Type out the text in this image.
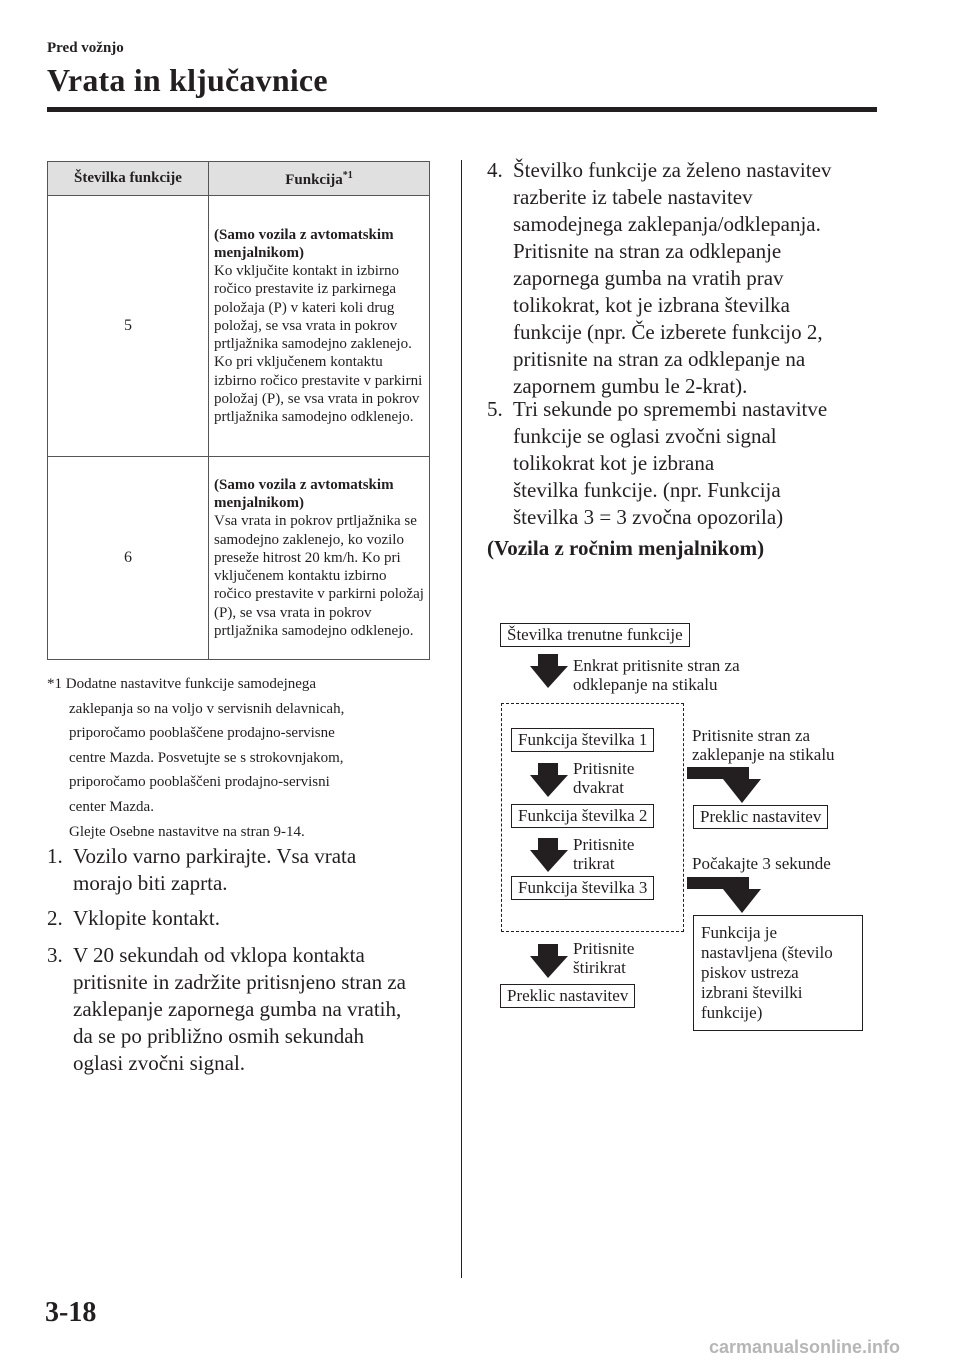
Pred vožnjo
Vrata in ključavnice
Številka funkcije	Funkcija$^{*1}$
5	(Samo vozila z avtomatskim menjalnikom)
Ko vključite kontakt in izbirno ročico prestavite iz parkirnega položaja (P) v kateri koli drug položaj, se vsa vrata in pokrov prtljažnika samodejno zaklenejo.
Ko pri vključenem kontaktu izbirno ročico prestavite v parkirni položaj (P), se vsa vrata in pokrov prtljažnika samodejno odklenejo.

6	(Samo vozila z avtomatskim menjalnikom)
Vsa vrata in pokrov prtljažnika se samodejno zaklenejo, ko vozilo preseže hitrost 20 km/h. Ko pri vključenem kontaktu izbirno ročico prestavite v parkirni položaj (P), se vsa vrata in pokrov prtljažnika samodejno odklenejo.

*1 Dodatne nastavitve funkcije samodejnega

zaklepanja so na voljo v servisnih delavnicah,

priporočamo pooblaščene prodajno-servisne

centre Mazda. Posvetujte se s strokovnjakom,

priporočamo pooblaščeni prodajno-servisni

center Mazda.

Glejte Osebne nastavitve na stran 9-14.

1. Vozilo varno parkirajte. Vsa vrata
morajo biti zaprta.
2. Vklopite kontakt.
3. V 20 sekundah od vklopa kontakta
pritisnite in zadržite pritisnjeno stran za
zaklepanje zapornega gumba na vratih,
da se po približno osmih sekundah
oglasi zvočni signal.
4. Številko funkcije za želeno nastavitev
razberite iz tabele nastavitev
samodejnega zaklepanja/odklepanja.
Pritisnite na stran za odklepanje
zapornega gumba na vratih prav
tolikokrat, kot je izbrana številka
funkcije (npr. Če izberete funkcijo 2,
pritisnite na stran za odklepanje na
zapornem gumbu le 2-krat).
5. Tri sekunde po spremembi nastavitve
funkcije se oglasi zvočni signal
tolikokrat kot je izbrana
številka funkcije. (npr. Funkcija
številka 3 = 3 zvočna opozorila)
(Vozila z ročnim menjalnikom)
Številka trenutne funkcije
Enkrat pritisnite stran za
odklepanje na stikalu
Funkcija številka 1
Pritisnite
dvakrat
Funkcija številka 2
Pritisnite
trikrat
Funkcija številka 3
Pritisnite
štirikrat
Preklic nastavitev
Pritisnite stran za
zaklepanje na stikalu
Preklic nastavitev
Počakajte 3 sekunde
Funkcija je
nastavljena (število
piskov ustreza
izbrani številki
funkcije)
3-18
carmanualsonline.info
